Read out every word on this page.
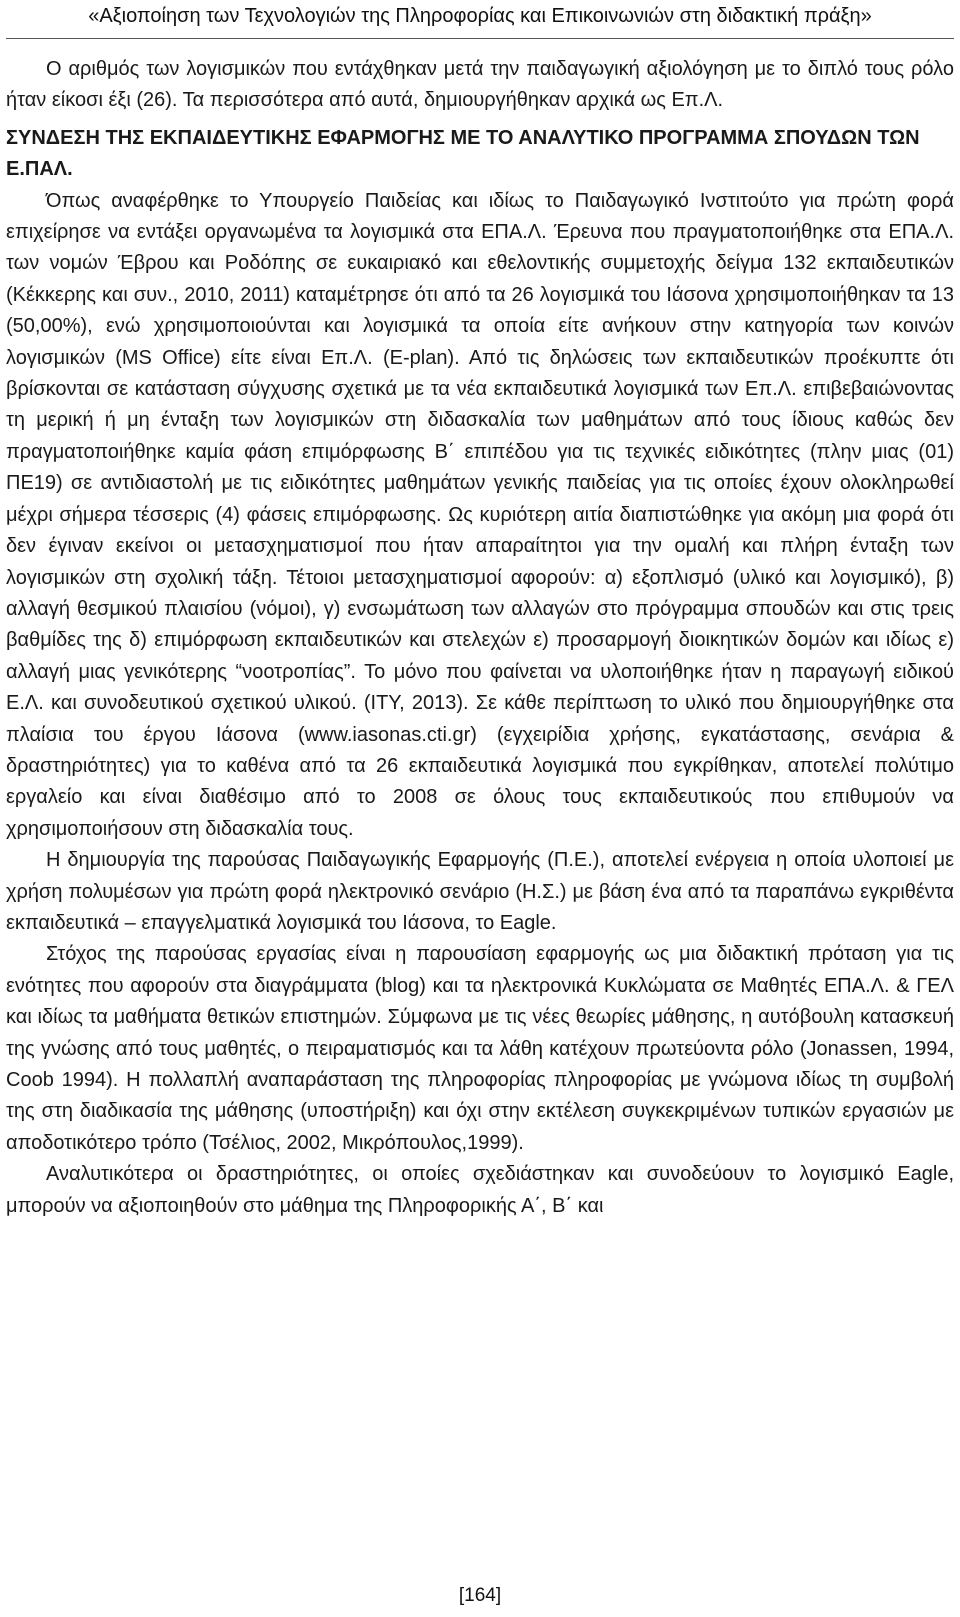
«Αξιοποίηση των Τεχνολογιών της Πληροφορίας και Επικοινωνιών στη διδακτική πράξη»

Ο αριθμός των λογισμικών που εντάχθηκαν μετά την παιδαγωγική αξιολόγηση με το διπλό τους ρόλο ήταν είκοσι έξι (26). Τα περισσότερα από αυτά, δημιουργήθηκαν αρχικά ως Επ.Λ.

ΣΥΝΔΕΣΗ ΤΗΣ ΕΚΠΑΙΔΕΥΤΙΚΗΣ ΕΦΑΡΜΟΓΗΣ ΜΕ ΤΟ ΑΝΑΛΥΤΙΚΟ ΠΡΟΓΡΑΜΜΑ ΣΠΟΥΔΩΝ ΤΩΝ Ε.ΠΑΛ.

Όπως αναφέρθηκε το Υπουργείο Παιδείας και ιδίως το Παιδαγωγικό Ινστιτούτο για πρώτη φορά επιχείρησε να εντάξει οργανωμένα τα λογισμικά στα ΕΠΑ.Λ. Έρευνα που πραγματοποιήθηκε στα ΕΠΑ.Λ. των νομών Έβρου και Ροδόπης σε ευκαιριακό και εθελοντικής συμμετοχής δείγμα 132 εκπαιδευτικών (Κέκκερης και συν., 2010, 2011) καταμέτρησε ότι από τα 26 λογισμικά του Ιάσονα χρησιμοποιήθηκαν τα 13 (50,00%), ενώ χρησιμοποιούνται και λογισμικά τα οποία είτε ανήκουν στην κατηγορία των κοινών λογισμικών (MS Office) είτε είναι Επ.Λ. (E-plan). Από τις δηλώσεις των εκπαιδευτικών προέκυπτε ότι βρίσκονται σε κατάσταση σύγχυσης σχετικά με τα νέα εκπαιδευτικά λογισμικά των Επ.Λ. επιβεβαιώνοντας τη μερική ή μη ένταξη των λογισμικών στη διδασκαλία των μαθημάτων από τους ίδιους καθώς δεν πραγματοποιήθηκε καμία φάση επιμόρφωσης Β΄ επιπέδου για τις τεχνικές ειδικότητες (πλην μιας (01) ΠΕ19) σε αντιδιαστολή με τις ειδικότητες μαθημάτων γενικής παιδείας για τις οποίες έχουν ολοκληρωθεί μέχρι σήμερα τέσσερις (4) φάσεις επιμόρφωσης. Ως κυριότερη αιτία διαπιστώθηκε για ακόμη μια φορά ότι δεν έγιναν εκείνοι οι μετασχηματισμοί που ήταν απαραίτητοι για την ομαλή και πλήρη ένταξη των λογισμικών στη σχολική τάξη. Τέτοιοι μετασχηματισμοί αφορούν: α) εξοπλισμό (υλικό και λογισμικό), β) αλλαγή θεσμικού πλαισίου (νόμοι), γ) ενσωμάτωση των αλλαγών στο πρόγραμμα σπουδών και στις τρεις βαθμίδες της δ) επιμόρφωση εκπαιδευτικών και στελεχών ε) προσαρμογή διοικητικών δομών και ιδίως ε) αλλαγή μιας γενικότερης “νοοτροπίας”. Το μόνο που φαίνεται να υλοποιήθηκε ήταν η παραγωγή ειδικού Ε.Λ. και συνοδευτικού σχετικού υλικού. (ΙΤΥ, 2013). Σε κάθε περίπτωση το υλικό που δημιουργήθηκε στα πλαίσια του έργου Ιάσονα (www.iasonas.cti.gr) (εγχειρίδια χρήσης, εγκατάστασης, σενάρια & δραστηριότητες) για το καθένα από τα 26 εκπαιδευτικά λογισμικά που εγκρίθηκαν, αποτελεί πολύτιμο εργαλείο και είναι διαθέσιμο από το 2008 σε όλους τους εκπαιδευτικούς που επιθυμούν να χρησιμοποιήσουν στη διδασκαλία τους.

Η δημιουργία της παρούσας Παιδαγωγικής Εφαρμογής (Π.Ε.), αποτελεί ενέργεια η οποία υλοποιεί με χρήση πολυμέσων για πρώτη φορά ηλεκτρονικό σενάριο (Η.Σ.) με βάση ένα από τα παραπάνω εγκριθέντα εκπαιδευτικά – επαγγελματικά λογισμικά του Ιάσονα, το Eagle.

Στόχος της παρούσας εργασίας είναι η παρουσίαση εφαρμογής ως μια διδακτική πρόταση για τις ενότητες που αφορούν στα διαγράμματα (blog) και τα ηλεκτρονικά Κυκλώματα σε Μαθητές ΕΠΑ.Λ. & ΓΕΛ και ιδίως τα μαθήματα θετικών επιστημών. Σύμφωνα με τις νέες θεωρίες μάθησης, η αυτόβουλη κατασκευή της γνώσης από τους μαθητές, ο πειραματισμός και τα λάθη κατέχουν πρωτεύοντα ρόλο (Jonassen, 1994, Coob 1994). Η πολλαπλή αναπαράσταση της πληροφορίας πληροφορίας με γνώμονα ιδίως τη συμβολή της στη διαδικασία της μάθησης (υποστήριξη) και όχι στην εκτέλεση συγκεκριμένων τυπικών εργασιών με αποδοτικότερο τρόπο (Τσέλιος, 2002, Μικρόπουλος,1999).

Αναλυτικότερα οι δραστηριότητες, οι οποίες σχεδιάστηκαν και συνοδεύουν το λογισμικό Eagle, μπορούν να αξιοποιηθούν στο μάθημα της Πληροφορικής Α΄, Β΄ και

[164]
